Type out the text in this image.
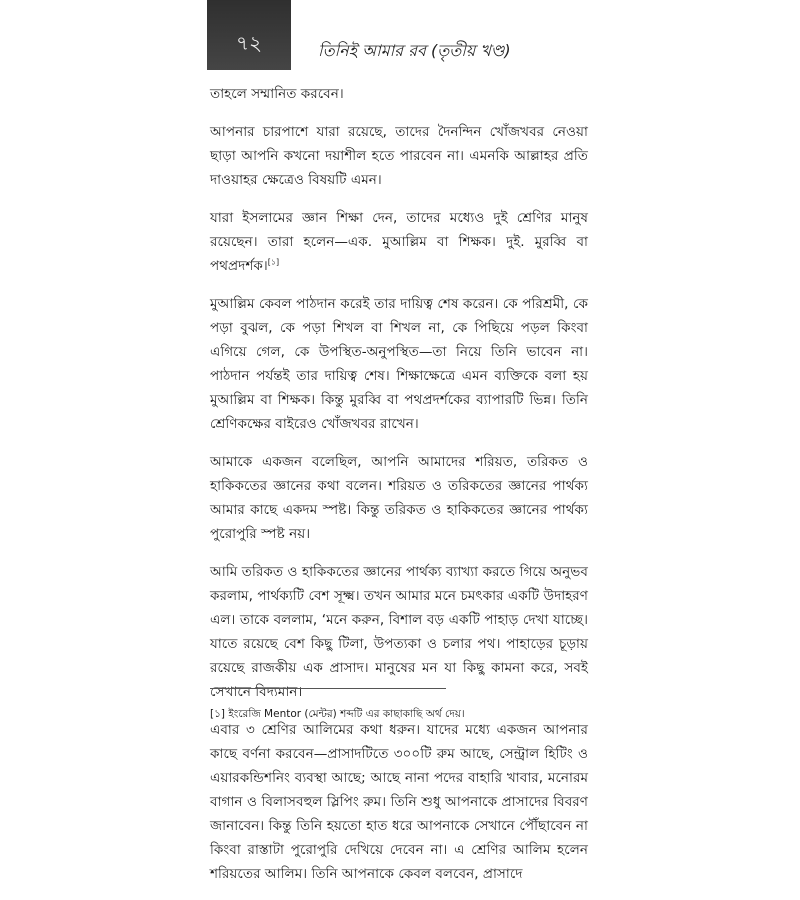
৭২	তিনিই আমার রব (তৃতীয় খণ্ড)

তাহলে সম্মানিত করবেন।

আপনার চারপাশে যারা রয়েছে, তাদের দৈনন্দিন খোঁজখবর নেওয়া ছাড়া আপনি কখনো দয়াশীল হতে পারবেন না। এমনকি আল্লাহর প্রতি দাওয়াহর ক্ষেত্রেও বিষয়টি এমন।

যারা ইসলামের জ্ঞান শিক্ষা দেন, তাদের মধ্যেও দুই শ্রেণির মানুষ রয়েছেন। তারা হলেন—এক. মুআল্লিম বা শিক্ষক। দুই. মুরব্বি বা পথপ্রদর্শক।[১]

মুআল্লিম কেবল পাঠদান করেই তার দায়িত্ব শেষ করেন। কে পরিশ্রমী, কে পড়া বুঝল, কে পড়া শিখল বা শিখল না, কে পিছিয়ে পড়ল কিংবা এগিয়ে গেল, কে উপস্থিত-অনুপস্থিত—তা নিয়ে তিনি ভাবেন না। পাঠদান পর্যন্তই তার দায়িত্ব শেষ। শিক্ষাক্ষেত্রে এমন ব্যক্তিকে বলা হয় মুআল্লিম বা শিক্ষক। কিন্তু মুরব্বি বা পথপ্রদর্শকের ব্যাপারটি ভিন্ন। তিনি শ্রেণিকক্ষের বাইরেও খোঁজখবর রাখেন।

আমাকে একজন বলেছিল, আপনি আমাদের শরিয়ত, তরিকত ও হাকিকতের জ্ঞানের কথা বলেন। শরিয়ত ও তরিকতের জ্ঞানের পার্থক্য আমার কাছে একদম স্পষ্ট। কিন্তু তরিকত ও হাকিকতের জ্ঞানের পার্থক্য পুরোপুরি স্পষ্ট নয়।

আমি তরিকত ও হাকিকতের জ্ঞানের পার্থক্য ব্যাখ্যা করতে গিয়ে অনুভব করলাম, পার্থক্যটি বেশ সূক্ষ্ম। তখন আমার মনে চমৎকার একটি উদাহরণ এল। তাকে বললাম, ‘মনে করুন, বিশাল বড় একটি পাহাড় দেখা যাচ্ছে। যাতে রয়েছে বেশ কিছু টিলা, উপত্যকা ও চলার পথ। পাহাড়ের চূড়ায় রয়েছে রাজকীয় এক প্রাসাদ। মানুষের মন যা কিছু কামনা করে, সবই সেখানে বিদ্যমান।

এবার ৩ শ্রেণির আলিমের কথা ধরুন। যাদের মধ্যে একজন আপনার কাছে বর্ণনা করবেন—প্রাসাদটিতে ৩০০টি রুম আছে, সেন্ট্রাল হিটিং ও এয়ারকন্ডিশনিং ব্যবস্থা আছে; আছে নানা পদের বাহারি খাবার, মনোরম বাগান ও বিলাসবহুল স্লিপিং রুম। তিনি শুধু আপনাকে প্রাসাদের বিবরণ জানাবেন। কিন্তু তিনি হয়তো হাত ধরে আপনাকে সেখানে পৌঁছাবেন না কিংবা রাস্তাটা পুরোপুরি দেখিয়ে দেবেন না। এ শ্রেণির আলিম হলেন শরিয়তের আলিম। তিনি আপনাকে কেবল বলবেন, প্রাসাদে

[১] ইংরেজি Mentor (মেন্টর) শব্দটি এর কাছাকাছি অর্থ দেয়।
